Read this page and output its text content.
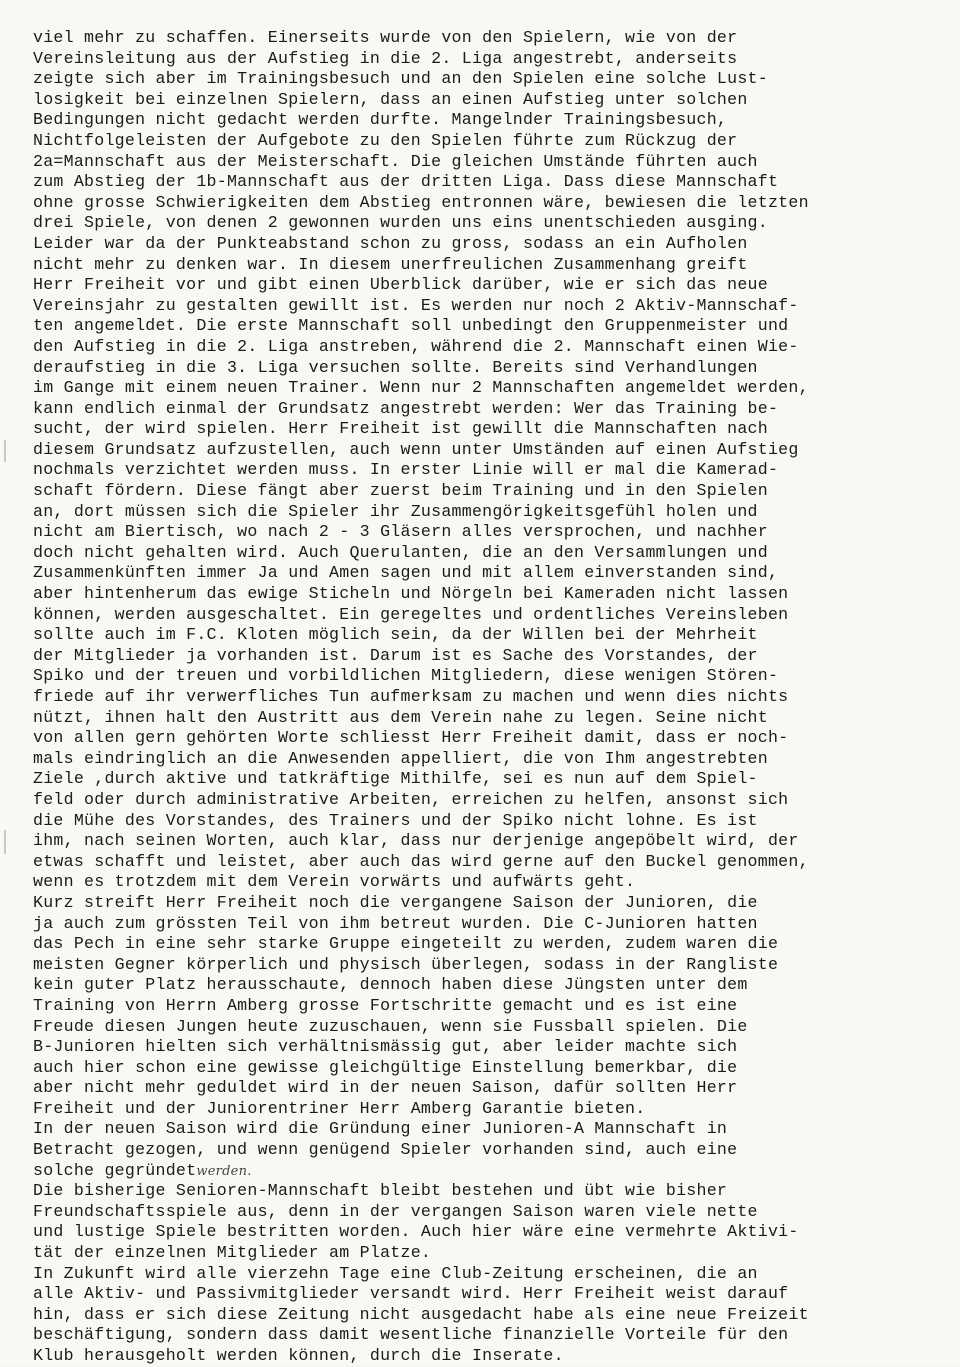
viel mehr zu schaffen. Einerseits wurde von den Spielern, wie von der
Vereinsleitung aus der Aufstieg in die 2. Liga angestrebt, anderseits
zeigte sich aber im Trainingsbesuch und an den Spielen eine solche Lust-
losigkeit bei einzelnen Spielern, dass an einen Aufstieg unter solchen
Bedingungen nicht gedacht werden durfte. Mangelnder Trainingsbesuch,
Nichtfolgeleisten der Aufgebote zu den Spielen führte zum Rückzug der
2a=Mannschaft aus der Meisterschaft. Die gleichen Umstände führten auch
zum Abstieg der 1b-Mannschaft aus der dritten Liga. Dass diese Mannschaft
ohne grosse Schwierigkeiten dem Abstieg entronnen wäre, bewiesen die letzten
drei Spiele, von denen 2 gewonnen wurden uns eins unentschieden ausging.
Leider war da der Punkteabstand schon zu gross, sodass an ein Aufholen
nicht mehr zu denken war. In diesem unerfreulichen Zusammenhang greift
Herr Freiheit vor und gibt einen Uberblick darüber, wie er sich das neue
Vereinsjahr zu gestalten gewillt ist. Es werden nur noch 2 Aktiv-Mannschaf-
ten angemeldet. Die erste Mannschaft soll unbedingt den Gruppenmeister und
den Aufstieg in die 2. Liga anstreben, während die 2. Mannschaft einen Wie-
deraufstieg in die 3. Liga versuchen sollte. Bereits sind Verhandlungen
im Gange mit einem neuen Trainer. Wenn nur 2 Mannschaften angemeldet werden,
kann endlich einmal der Grundsatz angestrebt werden: Wer das Training be-
sucht, der wird spielen. Herr Freiheit ist gewillt die Mannschaften nach
diesem Grundsatz aufzustellen, auch wenn unter Umständen auf einen Aufstieg
nochmals verzichtet werden muss. In erster Linie will er mal die Kamerad-
schaft fördern. Diese fängt aber zuerst beim Training und in den Spielen
an, dort müssen sich die Spieler ihr Zusammengörigkeitsgefühl holen und
nicht am Biertisch, wo nach 2 - 3 Gläsern alles versprochen, und nachher
doch nicht gehalten wird. Auch Querulanten, die an den Versammlungen und
Zusammenkünften immer Ja und Amen sagen und mit allem einverstanden sind,
aber hintenherum das ewige Sticheln und Nörgeln bei Kameraden nicht lassen
können, werden ausgeschaltet. Ein geregeltes und ordentliches Vereinsleben
sollte auch im F.C. Kloten möglich sein, da der Willen bei der Mehrheit
der Mitglieder ja vorhanden ist. Darum ist es Sache des Vorstandes, der
Spiko und der treuen und vorbildlichen Mitgliedern, diese wenigen Stören-
friede auf ihr verwerfliches Tun aufmerksam zu machen und wenn dies nichts
nützt, ihnen halt den Austritt aus dem Verein nahe zu legen. Seine nicht
von allen gern gehörten Worte schliesst Herr Freiheit damit, dass er noch-
mals eindringlich an die Anwesenden appelliert, die von Ihm angestrebten
Ziele ,durch aktive und tatkräftige Mithilfe, sei es nun auf dem Spiel-
feld oder durch administrative Arbeiten, erreichen zu helfen, ansonst sich
die Mühe des Vorstandes, des Trainers und der Spiko nicht lohne. Es ist
ihm, nach seinen Worten, auch klar, dass nur derjenige angepöbelt wird, der
etwas schafft und leistet, aber auch das wird gerne auf den Buckel genommen,
wenn es trotzdem mit dem Verein vorwärts und aufwärts geht.
Kurz streift Herr Freiheit noch die vergangene Saison der Junioren, die
ja auch zum grössten Teil von ihm betreut wurden. Die C-Junioren hatten
das Pech in eine sehr starke Gruppe eingeteilt zu werden, zudem waren die
meisten Gegner körperlich und physisch überlegen, sodass in der Rangliste
kein guter Platz herausschaute, dennoch haben diese Jüngsten unter dem
Training von Herrn Amberg grosse Fortschritte gemacht und es ist eine
Freude diesen Jungen heute zuzuschauen, wenn sie Fussball spielen. Die
B-Junioren hielten sich verhältnismässig gut, aber leider machte sich
auch hier schon eine gewisse gleichgültige Einstellung bemerkbar, die
aber nicht mehr geduldet wird in der neuen Saison, dafür sollten Herr
Freiheit und der Juniorentriner Herr Amberg Garantie bieten.
In der neuen Saison wird die Gründung einer Junioren-A Mannschaft in
Betracht gezogen, und wenn genügend Spieler vorhanden sind, auch eine
solche gegründetwerden.
Die bisherige Senioren-Mannschaft bleibt bestehen und übt wie bisher
Freundschaftsspiele aus, denn in der vergangen Saison waren viele nette
und lustige Spiele bestritten worden. Auch hier wäre eine vermehrte Aktivi-
tät der einzelnen Mitglieder am Platze.
In Zukunft wird alle vierzehn Tage eine Club-Zeitung erscheinen, die an
alle Aktiv- und Passivmitglieder versandt wird. Herr Freiheit weist darauf
hin, dass er sich diese Zeitung nicht ausgedacht habe als eine neue Freizeit
beschäftigung, sondern dass damit wesentliche finanzielle Vorteile für den
Klub herausgeholt werden können, durch die Inserate.
